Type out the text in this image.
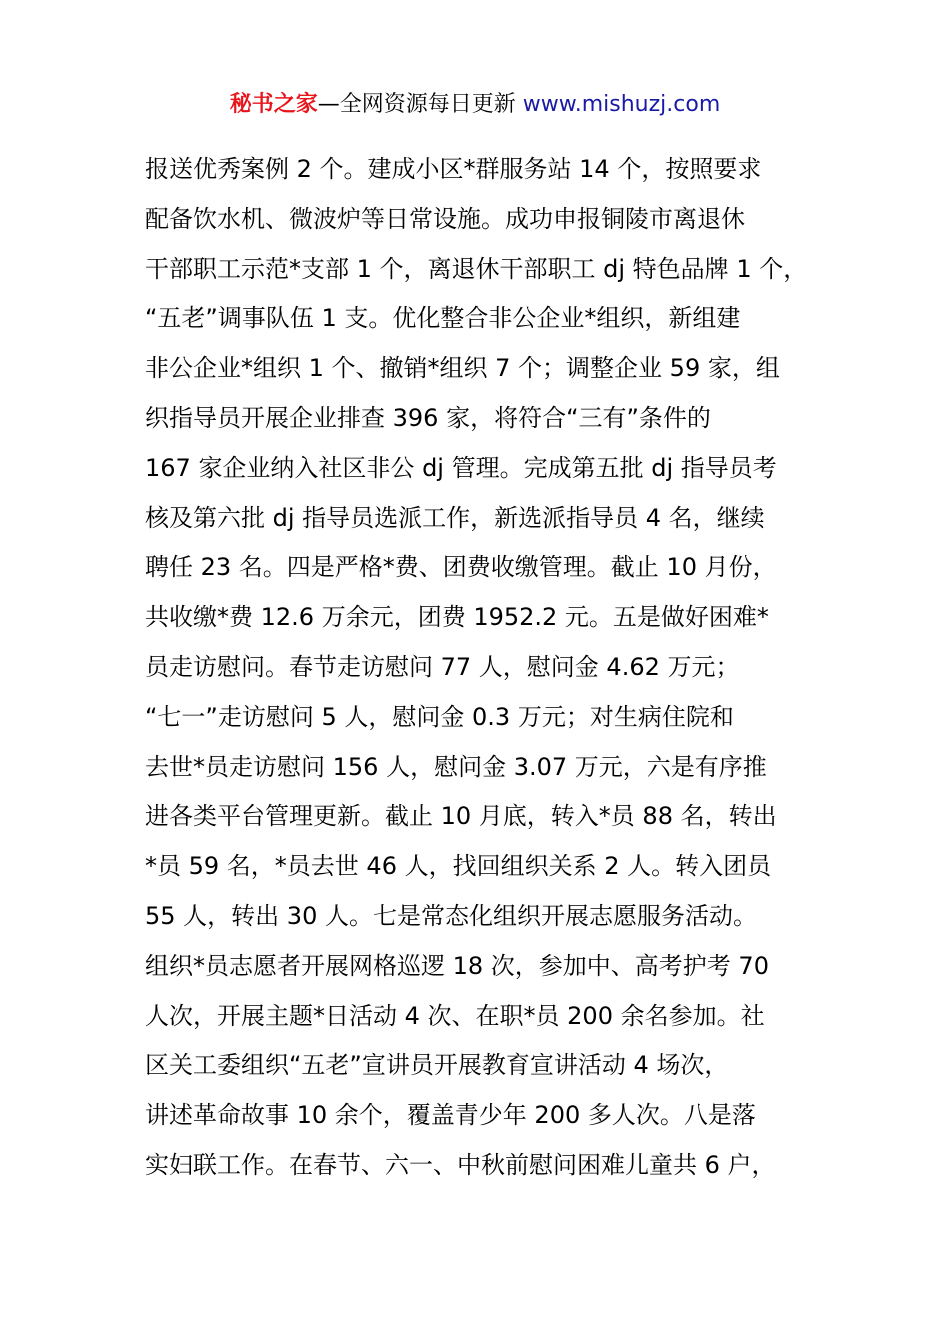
秘书之家—全网资源每日更新 www.mishuzj.com
报送优秀案例 2 个。建成小区*群服务站 14 个，按照要求
配备饮水机、微波炉等日常设施。成功申报铜陵市离退休
干部职工示范*支部 1 个，离退休干部职工 dj 特色品牌 1 个，
“五老”调事队伍 1 支。优化整合非公企业*组织，新组建
非公企业*组织 1 个、撤销*组织 7 个；调整企业 59 家，组
织指导员开展企业排查 396 家，将符合“三有”条件的
167 家企业纳入社区非公 dj 管理。完成第五批 dj 指导员考
核及第六批 dj 指导员选派工作，新选派指导员 4 名，继续
聘任 23 名。四是严格*费、团费收缴管理。截止 10 月份，
共收缴*费 12.6 万余元，团费 1952.2 元。五是做好困难*
员走访慰问。春节走访慰问 77 人，慰问金 4.62 万元；
“七一”走访慰问 5 人，慰问金 0.3 万元；对生病住院和
去世*员走访慰问 156 人，慰问金 3.07 万元，六是有序推
进各类平台管理更新。截止 10 月底，转入*员 88 名，转出
*员 59 名，*员去世 46 人，找回组织关系 2 人。转入团员
55 人，转出 30 人。七是常态化组织开展志愿服务活动。
组织*员志愿者开展网格巡逻 18 次，参加中、高考护考 70
人次，开展主题*日活动 4 次、在职*员 200 余名参加。社
区关工委组织“五老”宣讲员开展教育宣讲活动 4 场次，
讲述革命故事 10 余个，覆盖青少年 200 多人次。八是落
实妇联工作。在春节、六一、中秋前慰问困难儿童共 6 户，
